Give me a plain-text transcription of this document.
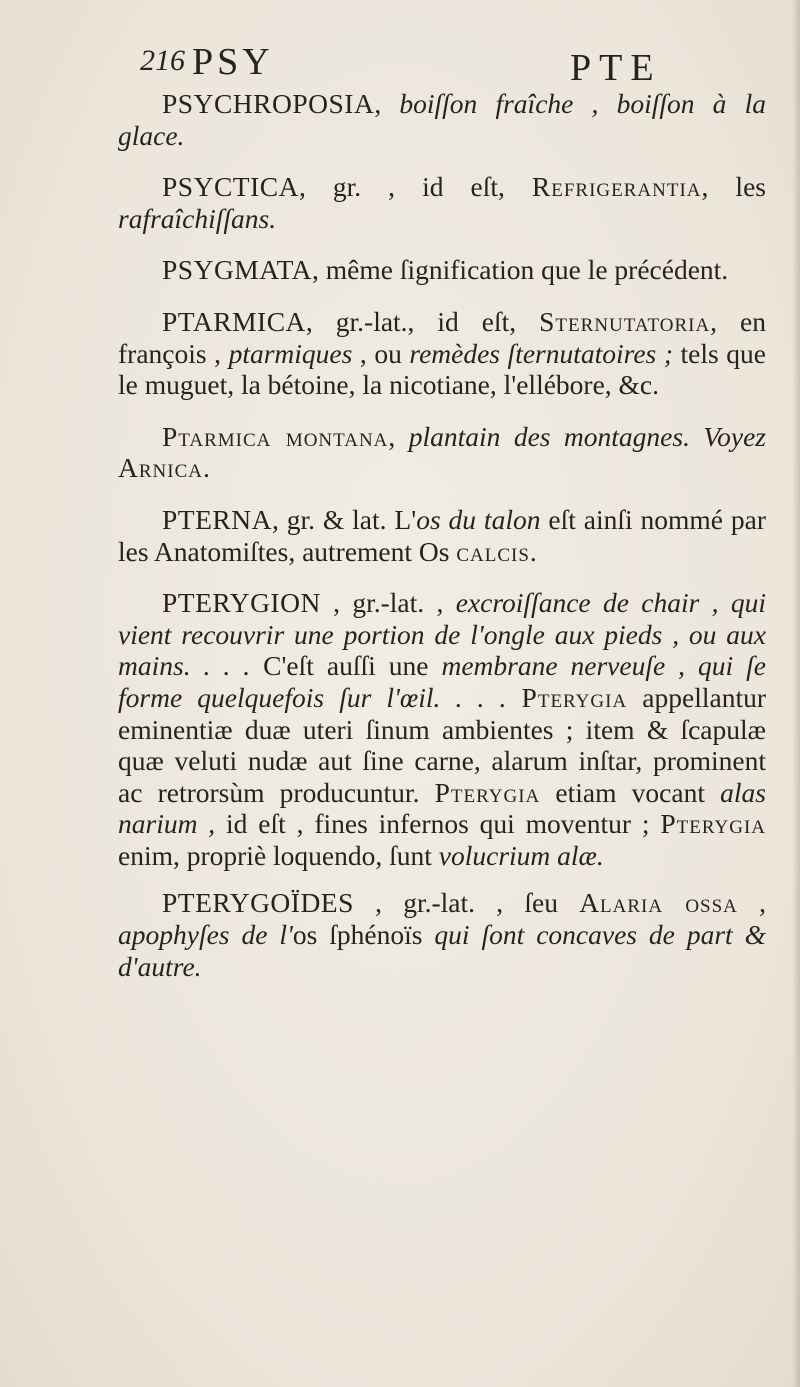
216 PSY	PTE

PSYCHROPOSIA, boiſſon fraîche , boiſſon à la glace.

PSYCTICA, gr. , id eſt, Refrigerantia, les rafraîchiſſans.

PSYGMATA, même ſignification que le précédent.

PTARMICA, gr.-lat., id eſt, Sternutatoria, en françois , ptarmiques , ou remèdes ſternutatoires ; tels que le muguet, la bétoine, la nicotiane, l'ellébore, &c.

Ptarmica montana, plantain des montagnes. Voyez Arnica.

PTERNA, gr. & lat. L'os du talon eſt ainſi nommé par les Anatomiſtes, autrement Os calcis.

PTERYGION , gr.-lat. , excroiſſance de chair , qui vient recouvrir une portion de l'ongle aux pieds , ou aux mains. . . . C'eſt auſſi une membrane nerveuſe , qui ſe forme quelquefois ſur l'œil. . . . Pterygia appellantur eminentiæ duæ uteri ſinum ambientes ; item & ſcapulæ quæ veluti nudæ aut ſine carne, alarum inſtar, prominent ac retrorsùm producuntur. Pterygia etiam vocant alas narium , id eſt , fines infernos qui moventur ; Pterygia enim, propriè loquendo, ſunt volucrium alæ.

PTERYGOÏDES , gr.-lat. , ſeu Alaria ossa , apophyſes de l'os ſphénoïs qui ſont concaves de part & d'autre.
